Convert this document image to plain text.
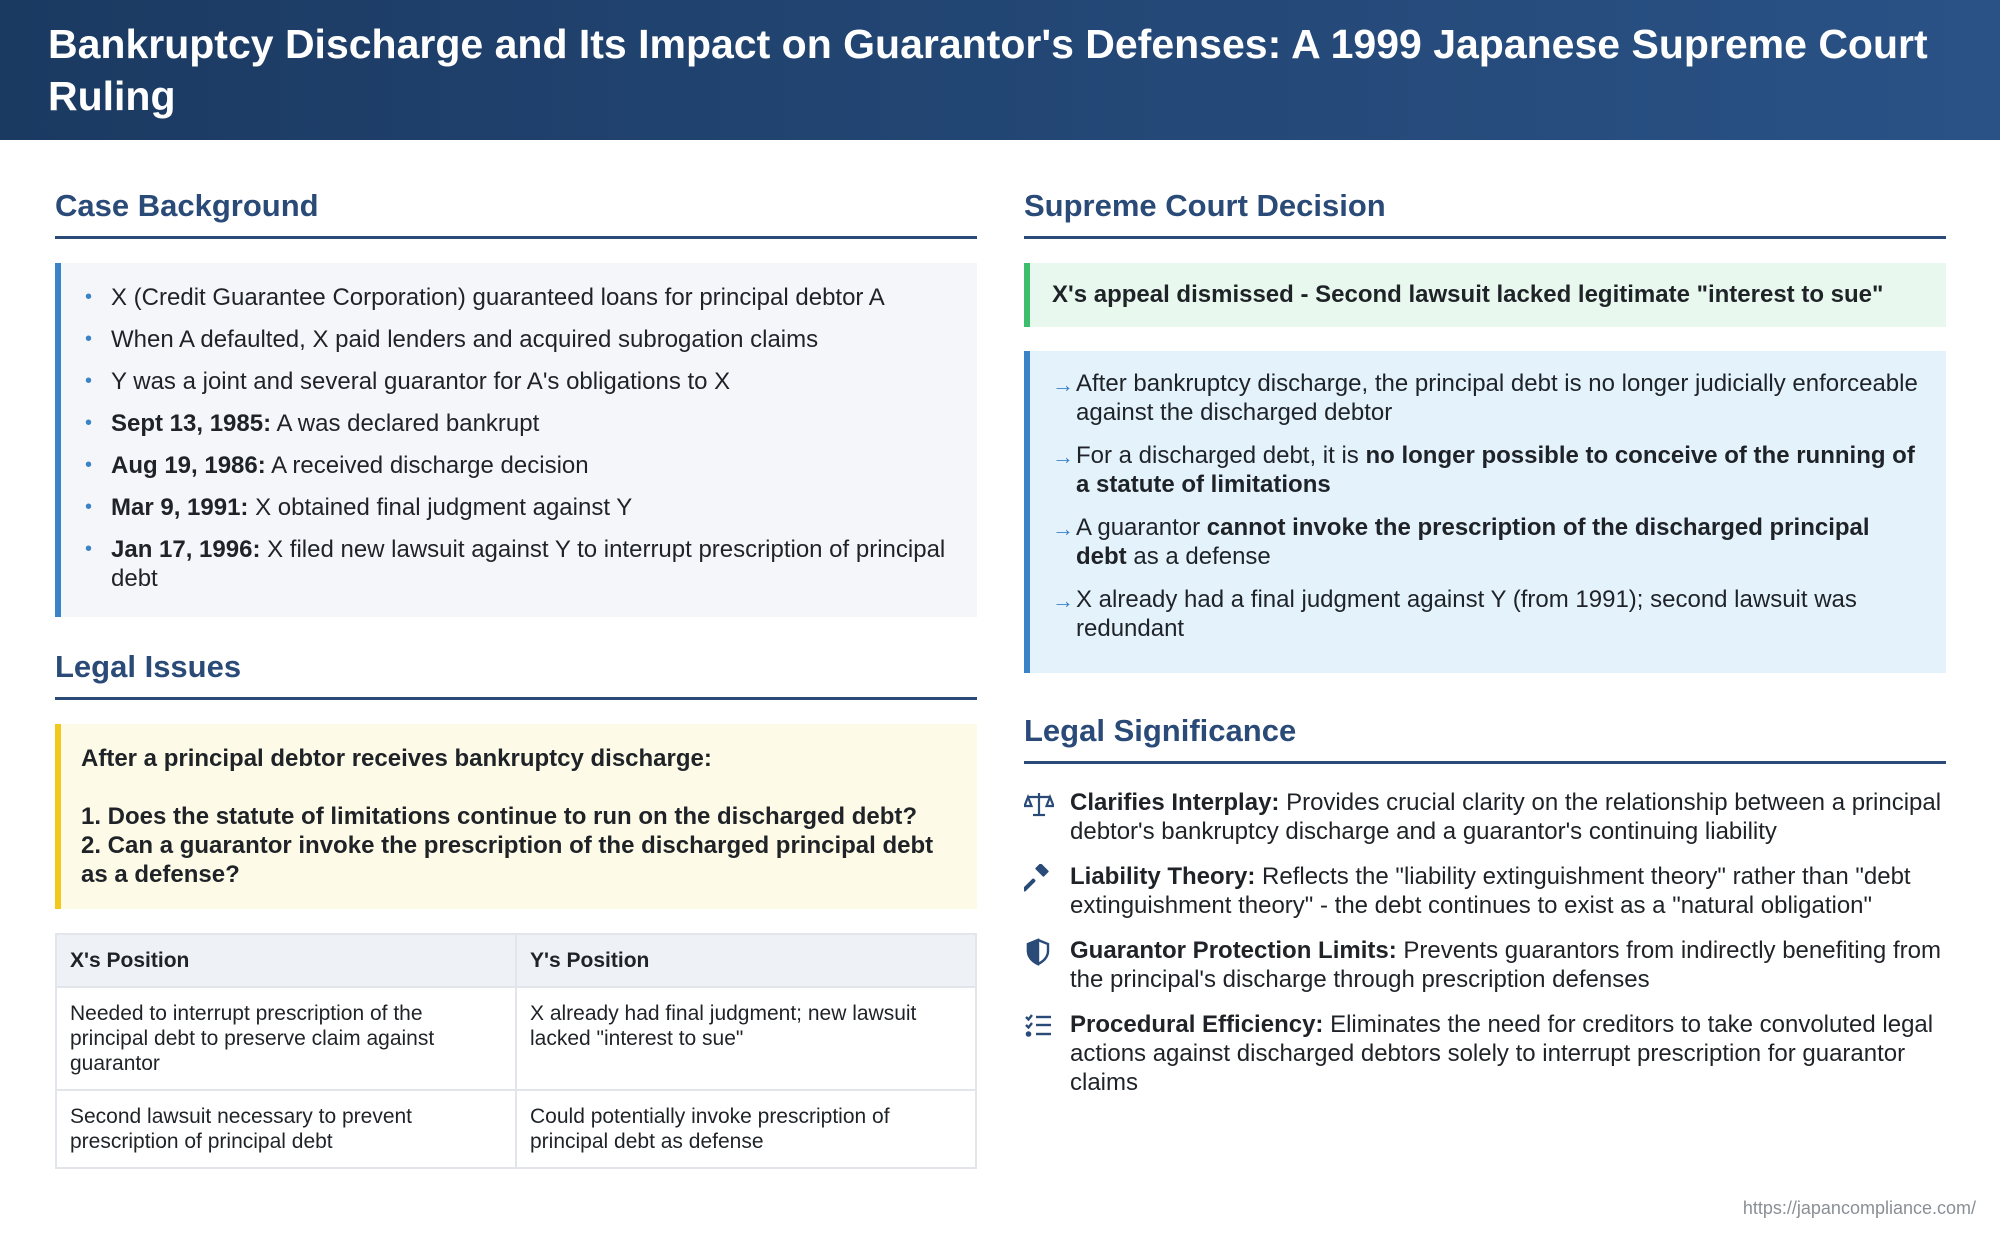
Bankruptcy Discharge and Its Impact on Guarantor's Defenses: A 1999 Japanese Supreme Court Ruling
Case Background
• X (Credit Guarantee Corporation) guaranteed loans for principal debtor A
• When A defaulted, X paid lenders and acquired subrogation claims
• Y was a joint and several guarantor for A's obligations to X
• Sept 13, 1985: A was declared bankrupt
• Aug 19, 1986: A received discharge decision
• Mar 9, 1991: X obtained final judgment against Y
• Jan 17, 1996: X filed new lawsuit against Y to interrupt prescription of principal debt
Legal Issues

After a principal debtor receives bankruptcy discharge:

1. Does the statute of limitations continue to run on the discharged debt?

2. Can a guarantor invoke the prescription of the discharged principal debt as a defense?

X's Position	Y's Position
Needed to interrupt prescription of the principal debt to preserve claim against guarantor	X already had final judgment; new lawsuit lacked "interest to sue"
Second lawsuit necessary to prevent prescription of principal debt	Could potentially invoke prescription of principal debt as defense
Supreme Court Decision
X's appeal dismissed - Second lawsuit lacked legitimate "interest to sue"
→ After bankruptcy discharge, the principal debt is no longer judicially enforceable against the discharged debtor
→ For a discharged debt, it is no longer possible to conceive of the running of a statute of limitations
→ A guarantor cannot invoke the prescription of the discharged principal debt as a defense
→ X already had a final judgment against Y (from 1991); second lawsuit was redundant
Legal Significance
Clarifies Interplay: Provides crucial clarity on the relationship between a principal debtor's bankruptcy discharge and a guarantor's continuing liability
Liability Theory: Reflects the "liability extinguishment theory" rather than "debt extinguishment theory" - the debt continues to exist as a "natural obligation"
Guarantor Protection Limits: Prevents guarantors from indirectly benefiting from the principal's discharge through prescription defenses
Procedural Efficiency: Eliminates the need for creditors to take convoluted legal actions against discharged debtors solely to interrupt prescription for guarantor claims
https://japancompliance.com/
